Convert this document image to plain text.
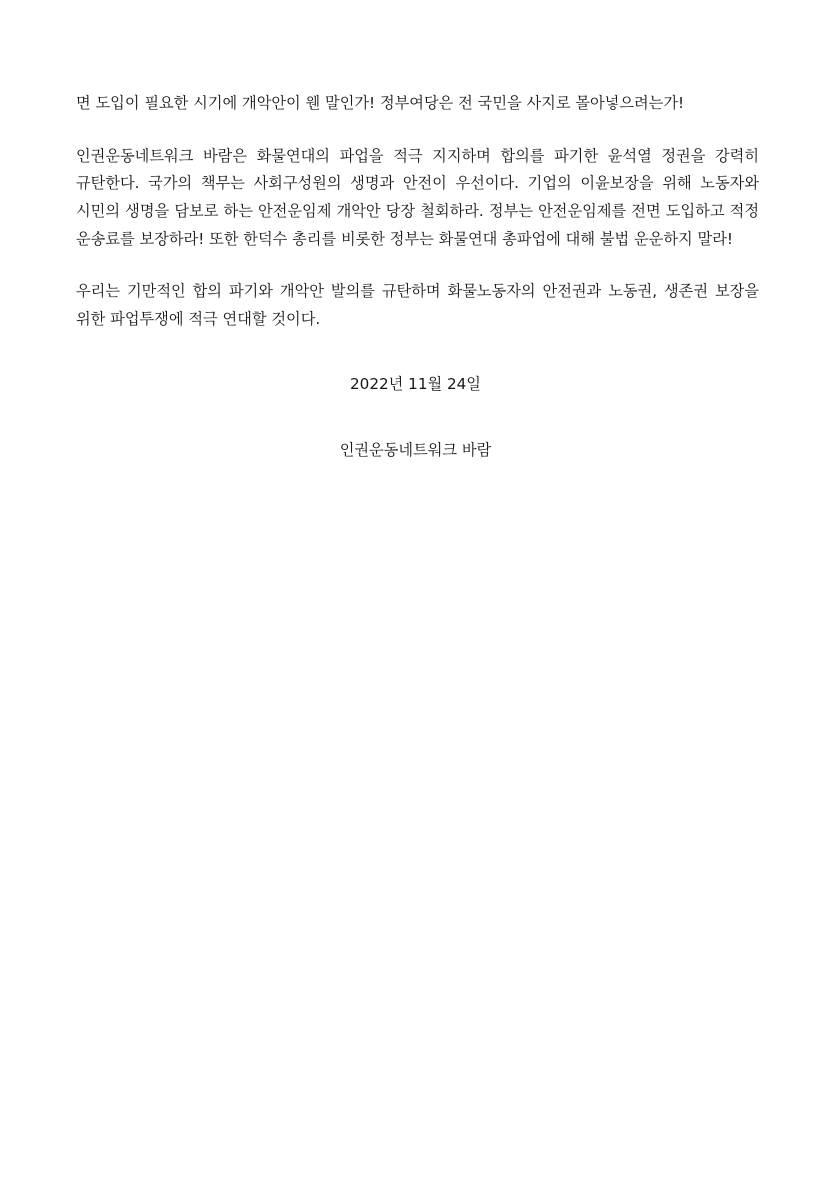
면 도입이 필요한 시기에 개악안이 웬 말인가! 정부여당은 전 국민을 사지로 몰아넣으려는가!

인권운동네트워크 바람은 화물연대의 파업을 적극 지지하며 합의를 파기한 윤석열 정권을 강력히 규탄한다. 국가의 책무는 사회구성원의 생명과 안전이 우선이다. 기업의 이윤보장을 위해 노동자와 시민의 생명을 담보로 하는 안전운임제 개악안 당장 철회하라. 정부는 안전운임제를 전면 도입하고 적정 운송료를 보장하라! 또한 한덕수 총리를 비롯한 정부는 화물연대 총파업에 대해 불법 운운하지 말라!

우리는 기만적인 합의 파기와 개악안 발의를 규탄하며 화물노동자의 안전권과 노동권, 생존권 보장을 위한 파업투쟁에 적극 연대할 것이다.

2022년 11월 24일

인권운동네트워크 바람
